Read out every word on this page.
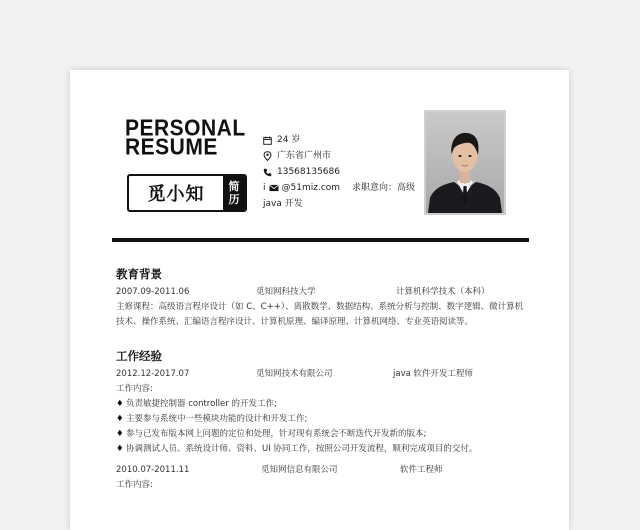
PERSONAL
RESUME
觅小知	简
历
24 岁
广东省广州市
13568135686
i @51miz.com 求职意向：高级
java 开发
教育背景
2007.09-2011.06	觅知网科技大学	计算机科学技术（本科）
主修课程：高级语言程序设计（如 C、C++）、离散数学、数据结构、系统分析与控制、数字逻辑、微计算机技术、操作系统、汇编语言程序设计、计算机原理、编译原理、计算机网络、专业英语阅读等。
工作经验
2012.12-2017.07	觅知网技术有限公司	java 软件开发工程师
工作内容:
♦ 负责敏捷控制器 controller 的开发工作;
♦ 主要参与系统中一些模块功能的设计和开发工作;
♦ 参与已发布版本网上问题的定位和处理，针对现有系统会不断迭代开发新的版本;
♦ 协调测试人员、系统设计师、资料、UI 协同工作，按照公司开发流程，顺利完成项目的交付。
2010.07-2011.11	觅知网信息有限公司	软件工程师
工作内容:
